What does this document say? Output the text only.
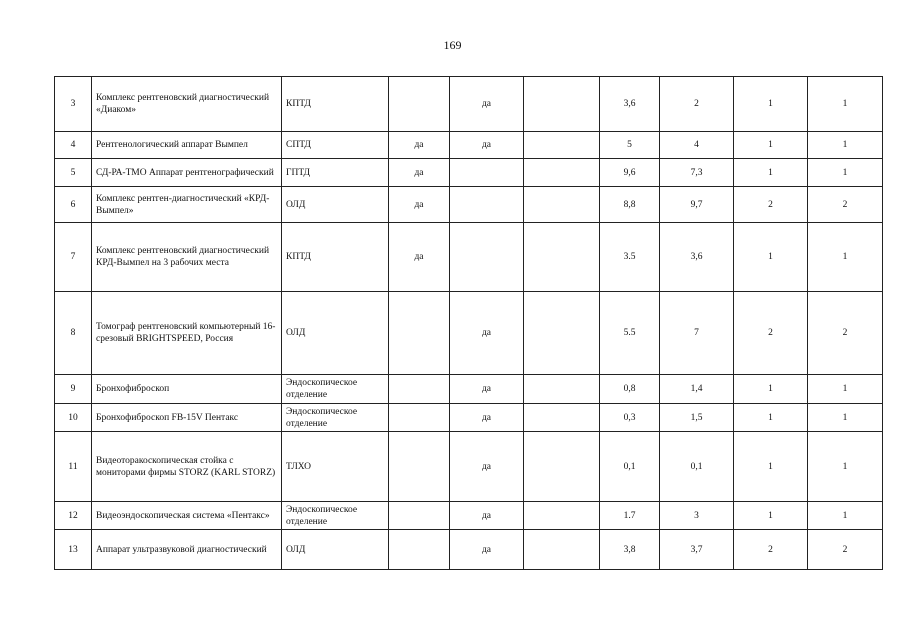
169
3	Комплекс рентгеновский диагностический «Диаком»	КПТД		да		3,6	2	1	1
4	Рентгенологический аппарат Вымпел	СПТД	да	да		5	4	1	1
5	СД-РА-ТМО Аппарат рентгенографический	ГПТД	да			9,6	7,3	1	1
6	Комплекс рентген-диагностический «КРД-Вымпел»	ОЛД	да			8,8	9,7	2	2
7	Комплекс рентгеновский диагностический КРД-Вымпел на 3 рабочих места	КПТД	да			3.5	3,6	1	1
8	Томограф рентгеновский компьютерный 16-срезовый BRIGHTSPEED, Россия	ОЛД		да		5.5	7	2	2
9	Бронхофиброскоп	Эндоскопическое отделение		да		0,8	1,4	1	1
10	Бронхофиброскоп FB-15V Пентакс	Эндоскопическое отделение		да		0,3	1,5	1	1
11	Видеоторакоскопическая стойка с мониторами фирмы STORZ (KARL STORZ)	ТЛХО		да		0,1	0,1	1	1
12	Видеоэндоскопическая система «Пентакс»	Эндоскопическое отделение		да		1.7	3	1	1
13	Аппарат ультразвуковой диагностический	ОЛД		да		3,8	3,7	2	2
